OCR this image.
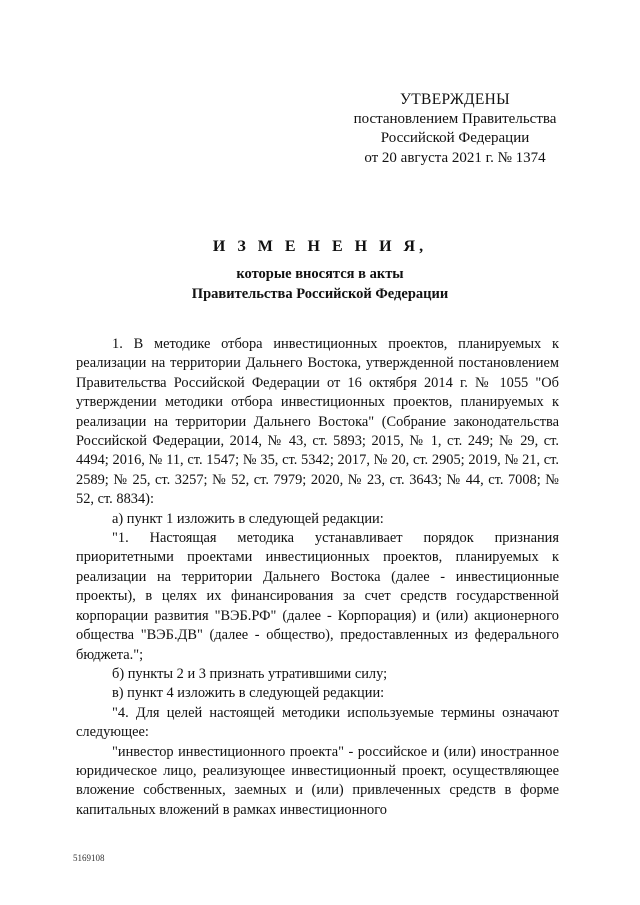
УТВЕРЖДЕНЫ
постановлением Правительства
Российской Федерации
от 20 августа 2021 г. № 1374
И З М Е Н Е Н И Я,
которые вносятся в акты
Правительства Российской Федерации

1. В методике отбора инвестиционных проектов, планируемых к реализации на территории Дальнего Востока, утвержденной постановлением Правительства Российской Федерации от 16 октября 2014 г. № 1055 "Об утверждении методики отбора инвестиционных проектов, планируемых к реализации на территории Дальнего Востока" (Собрание законодательства Российской Федерации, 2014, № 43, ст. 5893; 2015, № 1, ст. 249; № 29, ст. 4494; 2016, № 11, ст. 1547; № 35, ст. 5342; 2017, № 20, ст. 2905; 2019, № 21, ст. 2589; № 25, ст. 3257; № 52, ст. 7979; 2020, № 23, ст. 3643; № 44, ст. 7008; № 52, ст. 8834):

а) пункт 1 изложить в следующей редакции:

"1. Настоящая методика устанавливает порядок признания приоритетными проектами инвестиционных проектов, планируемых к реализации на территории Дальнего Востока (далее - инвестиционные проекты), в целях их финансирования за счет средств государственной корпорации развития "ВЭБ.РФ" (далее - Корпорация) и (или) акционерного общества "ВЭБ.ДВ" (далее - общество), предоставленных из федерального бюджета.";

б) пункты 2 и 3 признать утратившими силу;

в) пункт 4 изложить в следующей редакции:

"4. Для целей настоящей методики используемые термины означают следующее:

"инвестор инвестиционного проекта" - российское и (или) иностранное юридическое лицо, реализующее инвестиционный проект, осуществляющее вложение собственных, заемных и (или) привлеченных средств в форме капитальных вложений в рамках инвестиционного

5169108
